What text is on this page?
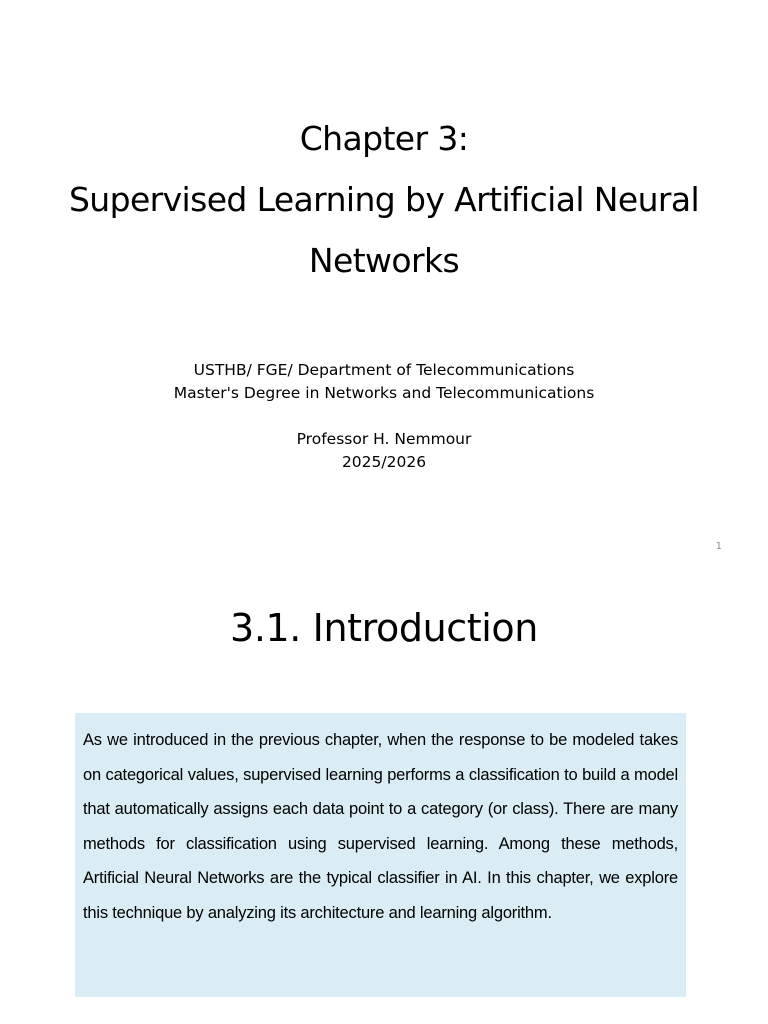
Chapter 3:
Supervised Learning by Artificial Neural
Networks
USTHB/ FGE/ Department of Telecommunications
Master's Degree in Networks and Telecommunications
Professor H. Nemmour
2025/2026
1
3.1. Introduction

As we introduced in the previous chapter, when the response to be modeled takes on categorical values, supervised learning performs a classification to build a model that automatically assigns each data point to a category (or class). There are many methods for classification using supervised learning. Among these methods, Artificial Neural Networks are the typical classifier in AI. In this chapter, we explore this technique by analyzing its architecture and learning algorithm.
